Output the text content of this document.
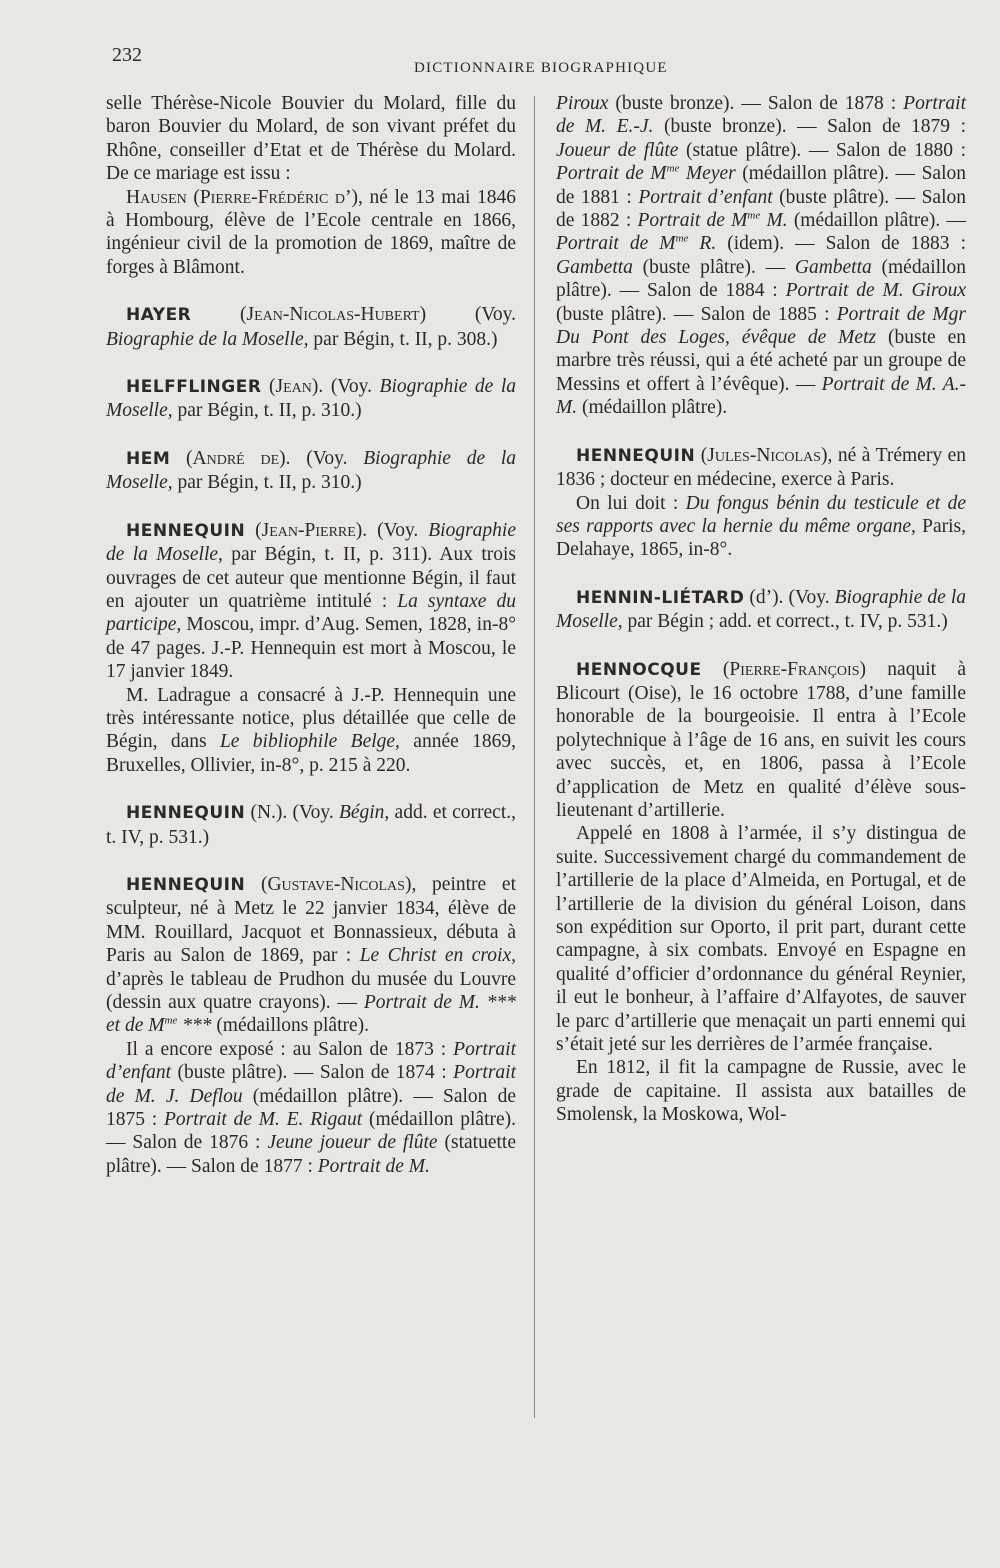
232
DICTIONNAIRE BIOGRAPHIQUE

selle Thérèse-Nicole Bouvier du Molard, fille du baron Bouvier du Molard, de son vivant préfet du Rhône, conseiller d’Etat et de Thérèse du Molard. De ce mariage est issu :

Hausen (Pierre-Frédéric d’), né le 13 mai 1846 à Hombourg, élève de l’Ecole centrale en 1866, ingénieur civil de la promotion de 1869, maître de forges à Blâmont.

HAYER (Jean-Nicolas-Hubert) (Voy. Biographie de la Moselle, par Bégin, t. II, p. 308.)

HELFFLINGER (Jean). (Voy. Biographie de la Moselle, par Bégin, t. II, p. 310.)

HEM (André de). (Voy. Biographie de la Moselle, par Bégin, t. II, p. 310.)

HENNEQUIN (Jean-Pierre). (Voy. Biographie de la Moselle, par Bégin, t. II, p. 311). Aux trois ouvrages de cet auteur que mentionne Bégin, il faut en ajouter un quatrième intitulé : La syntaxe du participe, Moscou, impr. d’Aug. Semen, 1828, in-8° de 47 pages. J.-P. Hennequin est mort à Moscou, le 17 janvier 1849.

M. Ladrague a consacré à J.-P. Hennequin une très intéressante notice, plus détaillée que celle de Bégin, dans Le bibliophile Belge, année 1869, Bruxelles, Ollivier, in-8°, p. 215 à 220.

HENNEQUIN (N.). (Voy. Bégin, add. et correct., t. IV, p. 531.)

HENNEQUIN (Gustave-Nicolas), peintre et sculpteur, né à Metz le 22 janvier 1834, élève de MM. Rouillard, Jacquot et Bonnassieux, débuta à Paris au Salon de 1869, par : Le Christ en croix, d’après le tableau de Prudhon du musée du Louvre (dessin aux quatre crayons). — Portrait de M. *** et de $M^{me}$ *** (médaillons plâtre).

Il a encore exposé : au Salon de 1873 : Portrait d’enfant (buste plâtre). — Salon de 1874 : Portrait de M. J. Deflou (médaillon plâtre). — Salon de 1875 : Portrait de M. E. Rigaut (médaillon plâtre). — Salon de 1876 : Jeune joueur de flûte (statuette plâtre). — Salon de 1877 : Portrait de M.

Piroux (buste bronze). — Salon de 1878 : Portrait de M. E.-J. (buste bronze). — Salon de 1879 : Joueur de flûte (statue plâtre). — Salon de 1880 : Portrait de $M^{me}$ Meyer (médaillon plâtre). — Salon de 1881 : Portrait d’enfant (buste plâtre). — Salon de 1882 : Portrait de $M^{me}$ M. (médaillon plâtre). — Portrait de $M^{me}$ R. (idem). — Salon de 1883 : Gambetta (buste plâtre). — Gambetta (médaillon plâtre). — Salon de 1884 : Portrait de M. Giroux (buste plâtre). — Salon de 1885 : Portrait de Mgr Du Pont des Loges, évêque de Metz (buste en marbre très réussi, qui a été acheté par un groupe de Messins et offert à l’évêque). — Portrait de M. A.-M. (médaillon plâtre).

HENNEQUIN (Jules-Nicolas), né à Trémery en 1836 ; docteur en médecine, exerce à Paris.

On lui doit : Du fongus bénin du testicule et de ses rapports avec la hernie du même organe, Paris, Delahaye, 1865, in-8°.

HENNIN-LIÉTARD (d’). (Voy. Biographie de la Moselle, par Bégin ; add. et correct., t. IV, p. 531.)

HENNOCQUE (Pierre-François) naquit à Blicourt (Oise), le 16 octobre 1788, d’une famille honorable de la bourgeoisie. Il entra à l’Ecole polytechnique à l’âge de 16 ans, en suivit les cours avec succès, et, en 1806, passa à l’Ecole d’application de Metz en qualité d’élève sous-lieutenant d’artillerie.

Appelé en 1808 à l’armée, il s’y distingua de suite. Successivement chargé du commandement de l’artillerie de la place d’Almeida, en Portugal, et de l’artillerie de la division du général Loison, dans son expédition sur Oporto, il prit part, durant cette campagne, à six combats. Envoyé en Espagne en qualité d’officier d’ordonnance du général Reynier, il eut le bonheur, à l’affaire d’Alfayotes, de sauver le parc d’artillerie que menaçait un parti ennemi qui s’était jeté sur les derrières de l’armée française.

En 1812, il fit la campagne de Russie, avec le grade de capitaine. Il assista aux batailles de Smolensk, la Moskowa, Wol-
